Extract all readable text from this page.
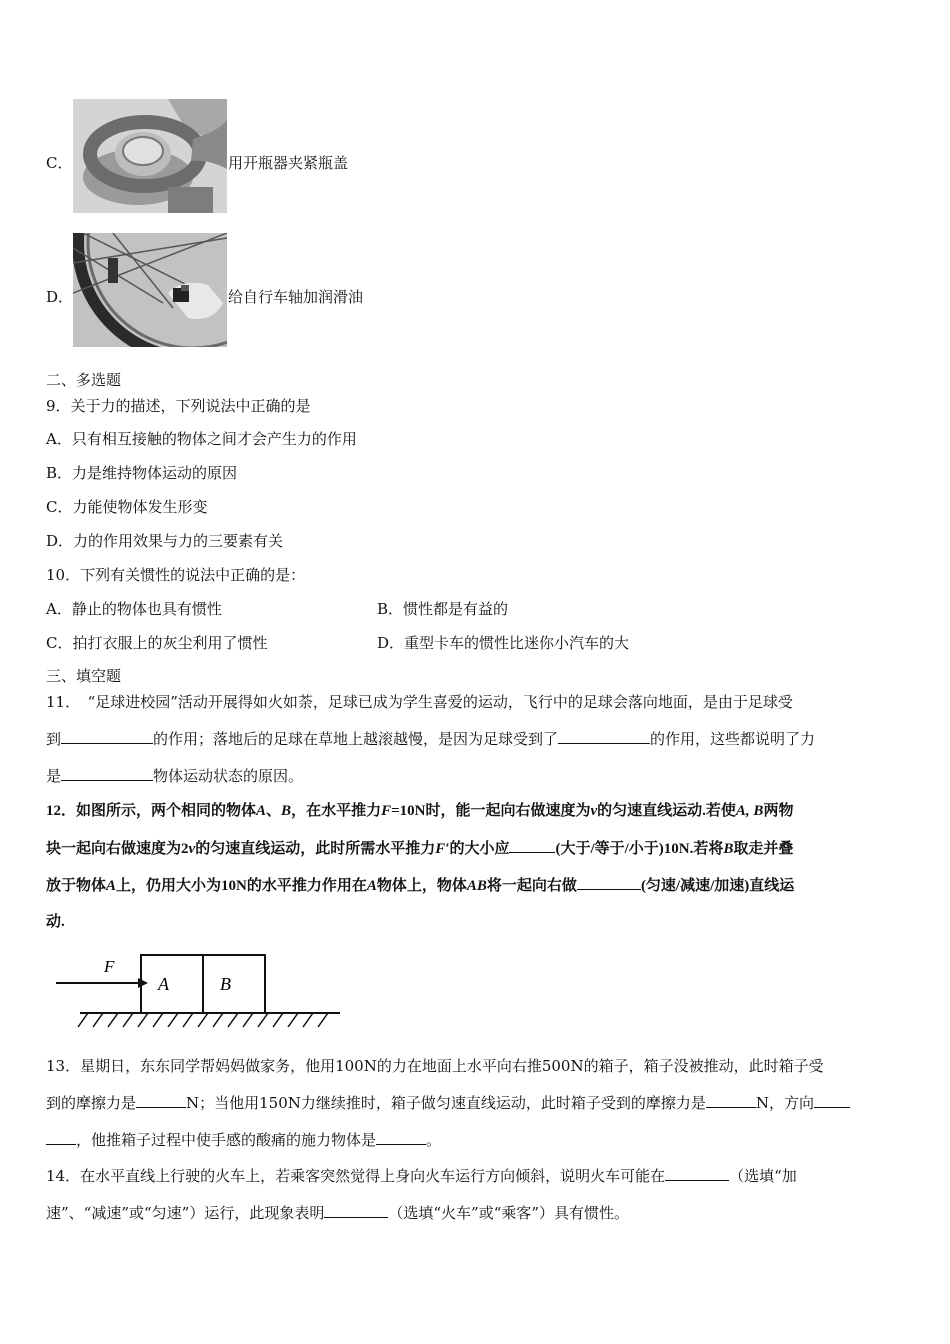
C．	用开瓶器夹紧瓶盖
D．	给自行车轴加润滑油
二、多选题
9．关于力的描述，下列说法中正确的是
A．只有相互接触的物体之间才会产生力的作用
B．力是维持物体运动的原因
C．力能使物体发生形变
D．力的作用效果与力的三要素有关
10．下列有关惯性的说法中正确的是：
A．静止的物体也具有惯性	B．惯性都是有益的
C．拍打衣服上的灰尘利用了惯性	D．重型卡车的惯性比迷你小汽车的大
三、填空题
11．　“足球进校园”活动开展得如火如荼，足球已成为学生喜爱的运动，飞行中的足球会落向地面，是由于足球受
到	的作用；落地后的足球在草地上越滚越慢，是因为足球受到了	的作用，这些都说明了力
是	物体运动状态的原因。
12．如图所示，两个相同的物体A、B，在水平推力F=10N时，能一起向右做速度为v的匀速直线运动.若使A, B两物
块一起向右做速度为2v的匀速直线运动，此时所需水平推力F′的大小应	(大于/等于/小于)10N.若将B取走并叠
放于物体A上，仍用大小为10N的水平推力作用在A物体上，物体AB将一起向右做	(匀速/减速/加速)直线运
动.
F
A	B
13．星期日，东东同学帮妈妈做家务，他用100N的力在地面上水平向右推500N的箱子，箱子没被推动，此时箱子受
到的摩擦力是	N；当他用150N力继续推时，箱子做匀速直线运动，此时箱子受到的摩擦力是	N，方向
，他推箱子过程中使手感的酸痛的施力物体是	。
14．在水平直线上行驶的火车上，若乘客突然觉得上身向火车运行方向倾斜，说明火车可能在	（选填“加
速”、“减速”或“匀速”）运行，此现象表明	（选填“火车”或“乘客”）具有惯性。
